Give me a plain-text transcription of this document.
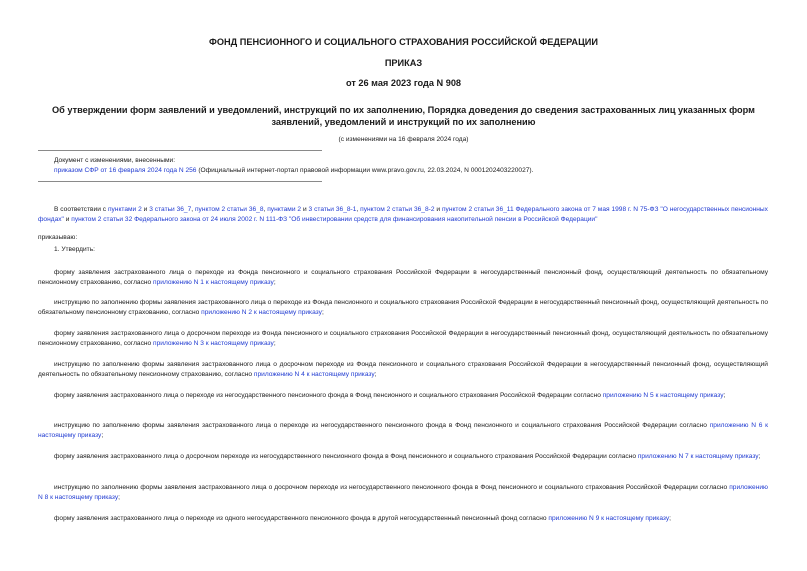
ФОНД ПЕНСИОННОГО И СОЦИАЛЬНОГО СТРАХОВАНИЯ РОССИЙСКОЙ ФЕДЕРАЦИИ
ПРИКАЗ
от 26 мая 2023 года N 908
Об утверждении форм заявлений и уведомлений, инструкций по их заполнению, Порядка доведения до сведения застрахованных лиц указанных форм заявлений, уведомлений и инструкций по их заполнению
(с изменениями на 16 февраля 2024 года)
Документ с изменениями, внесенными:
приказом СФР от 16 февраля 2024 года N 256 (Официальный интернет-портал правовой информации www.pravo.gov.ru, 22.03.2024, N 0001202403220027).

В соответствии с пунктами 2 и 3 статьи 36_7, пунктом 2 статьи 36_8, пунктами 2 и 3 статьи 36_8-1, пунктом 2 статьи 36_8-2 и пунктом 2 статьи 36_11 Федерального закона от 7 мая 1998 г. N 75-ФЗ "О негосударственных пенсионных фондах" и пунктом 2 статьи 32 Федерального закона от 24 июля 2002 г. N 111-ФЗ "Об инвестировании средств для финансирования накопительной пенсии в Российской Федерации"

приказываю:
1. Утвердить:

форму заявления застрахованного лица о переходе из Фонда пенсионного и социального страхования Российской Федерации в негосударственный пенсионный фонд, осуществляющий деятельность по обязательному пенсионному страхованию, согласно приложению N 1 к настоящему приказу;

инструкцию по заполнению формы заявления застрахованного лица о переходе из Фонда пенсионного и социального страхования Российской Федерации в негосударственный пенсионный фонд, осуществляющий деятельность по обязательному пенсионному страхованию, согласно приложению N 2 к настоящему приказу;

форму заявления застрахованного лица о досрочном переходе из Фонда пенсионного и социального страхования Российской Федерации в негосударственный пенсионный фонд, осуществляющий деятельность по обязательному пенсионному страхованию, согласно приложению N 3 к настоящему приказу;

инструкцию по заполнению формы заявления застрахованного лица о досрочном переходе из Фонда пенсионного и социального страхования Российской Федерации в негосударственный пенсионный фонд, осуществляющий деятельность по обязательному пенсионному страхованию, согласно приложению N 4 к настоящему приказу;

форму заявления застрахованного лица о переходе из негосударственного пенсионного фонда в Фонд пенсионного и социального страхования Российской Федерации согласно приложению N 5 к настоящему приказу;

инструкцию по заполнению формы заявления застрахованного лица о переходе из негосударственного пенсионного фонда в Фонд пенсионного и социального страхования Российской Федерации согласно приложению N 6 к настоящему приказу;

форму заявления застрахованного лица о досрочном переходе из негосударственного пенсионного фонда в Фонд пенсионного и социального страхования Российской Федерации согласно приложению N 7 к настоящему приказу;

инструкцию по заполнению формы заявления застрахованного лица о досрочном переходе из негосударственного пенсионного фонда в Фонд пенсионного и социального страхования Российской Федерации согласно приложению N 8 к настоящему приказу;

форму заявления застрахованного лица о переходе из одного негосударственного пенсионного фонда в другой негосударственный пенсионный фонд согласно приложению N 9 к настоящему приказу;
